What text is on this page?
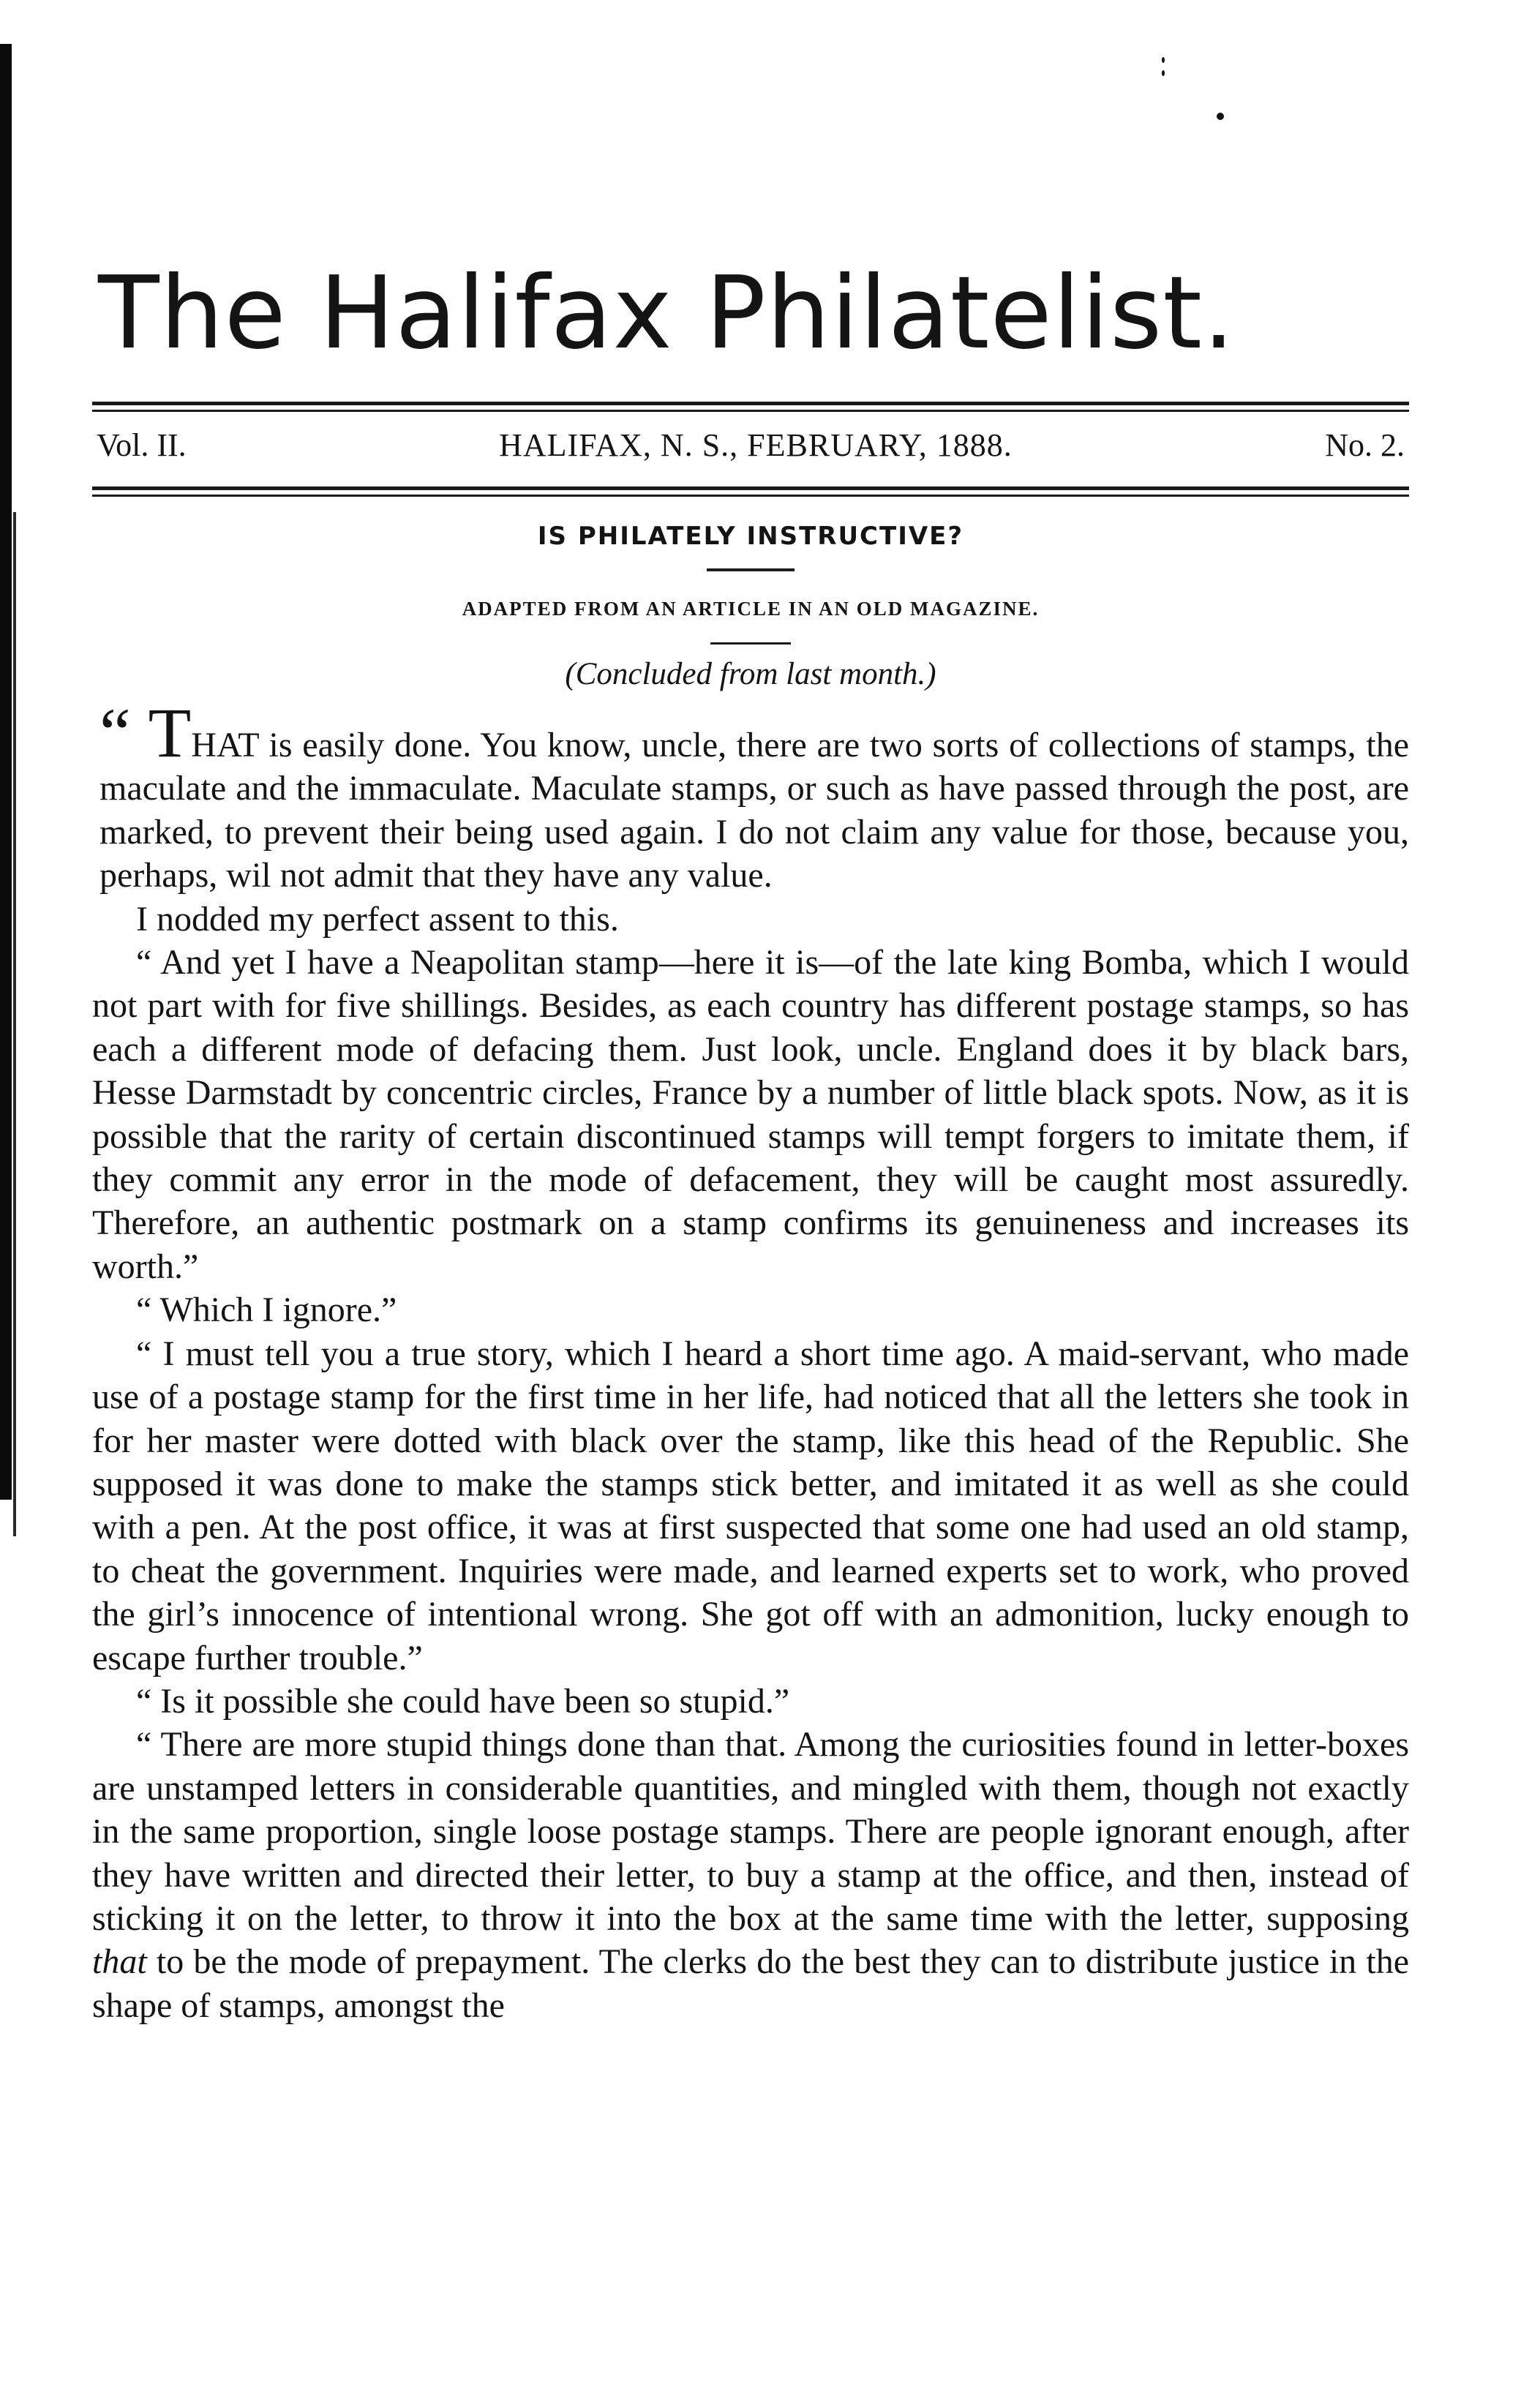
The Halifax Philatelist.
Vol. II.	HALIFAX, N. S., FEBRUARY, 1888.	No. 2.
IS PHILATELY INSTRUCTIVE?
ADAPTED FROM AN ARTICLE IN AN OLD MAGAZINE.
(Concluded from last month.)

“ THAT is easily done. You know, uncle, there are two sorts of collections of stamps, the maculate and the immaculate. Maculate stamps, or such as have passed through the post, are marked, to prevent their being used again. I do not claim any value for those, because you, perhaps, wil not admit that they have any value.

I nodded my perfect assent to this.

“ And yet I have a Neapolitan stamp—here it is—of the late king Bomba, which I would not part with for five shillings. Besides, as each country has different postage stamps, so has each a different mode of defacing them. Just look, uncle. England does it by black bars, Hesse Darmstadt by concentric circles, France by a number of little black spots. Now, as it is possible that the rarity of certain discontinued stamps will tempt forgers to imitate them, if they commit any error in the mode of defacement, they will be caught most assuredly. Therefore, an authentic postmark on a stamp confirms its genuineness and increases its worth.”

“ Which I ignore.”

“ I must tell you a true story, which I heard a short time ago. A maid-servant, who made use of a postage stamp for the first time in her life, had noticed that all the letters she took in for her master were dotted with black over the stamp, like this head of the Republic. She supposed it was done to make the stamps stick better, and imitated it as well as she could with a pen. At the post office, it was at first suspected that some one had used an old stamp, to cheat the government. Inquiries were made, and learned experts set to work, who proved the girl’s innocence of intentional wrong. She got off with an admonition, lucky enough to escape further trouble.”

“ Is it possible she could have been so stupid.”

“ There are more stupid things done than that. Among the curiosities found in letter-boxes are unstamped letters in considerable quantities, and mingled with them, though not exactly in the same proportion, single loose postage stamps. There are people ignorant enough, after they have written and directed their letter, to buy a stamp at the office, and then, instead of sticking it on the letter, to throw it into the box at the same time with the letter, supposing that to be the mode of prepayment. The clerks do the best they can to distribute justice in the shape of stamps, amongst the
